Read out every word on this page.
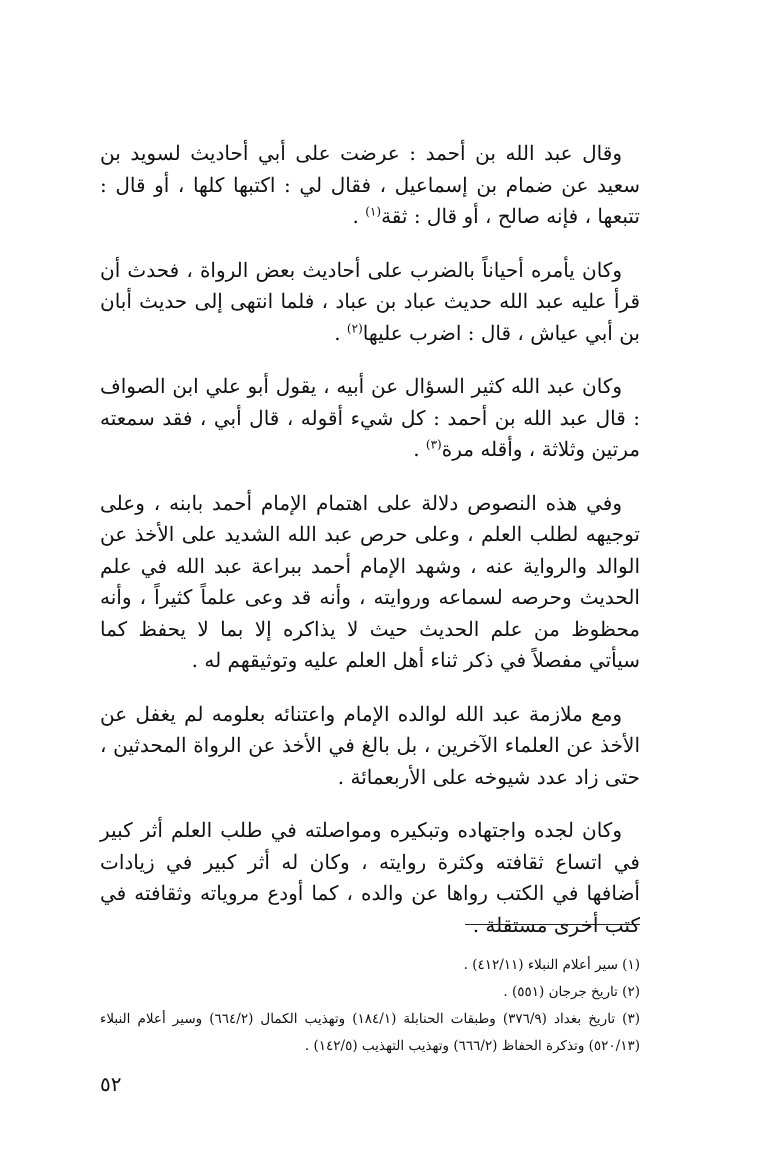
وقال عبد الله بن أحمد : عرضت على أبي أحاديث لسويد بن سعيد عن ضمام بن إسماعيل ، فقال لي : اكتبها كلها ، أو قال : تتبعها ، فإنه صالح ، أو قال : ثقة$^{(١)}$ .

وكان يأمره أحياناً بالضرب على أحاديث بعض الرواة ، فحدث أن قرأ عليه عبد الله حديث عباد بن عباد ، فلما انتهى إلى حديث أبان بن أبي عياش ، قال : اضرب عليها$^{(٢)}$ .

وكان عبد الله كثير السؤال عن أبيه ، يقول أبو علي ابن الصواف : قال عبد الله بن أحمد : كل شيء أقوله ، قال أبي ، فقد سمعته مرتين وثلاثة ، وأقله مرة$^{(٣)}$ .

وفي هذه النصوص دلالة على اهتمام الإمام أحمد بابنه ، وعلى توجيهه لطلب العلم ، وعلى حرص عبد الله الشديد على الأخذ عن الوالد والرواية عنه ، وشهد الإمام أحمد ببراعة عبد الله في علم الحديث وحرصه لسماعه وروايته ، وأنه قد وعى علماً كثيراً ، وأنه محظوظ من علم الحديث حيث لا يذاكره إلا بما لا يحفظ كما سيأتي مفصلاً في ذكر ثناء أهل العلم عليه وتوثيقهم له .

ومع ملازمة عبد الله لوالده الإمام واعتنائه بعلومه لم يغفل عن الأخذ عن العلماء الآخرين ، بل بالغ في الأخذ عن الرواة المحدثين ، حتى زاد عدد شيوخه على الأربعمائة .

وكان لجده واجتهاده وتبكيره ومواصلته في طلب العلم أثر كبير في اتساع ثقافته وكثرة روايته ، وكان له أثر كبير في زيادات أضافها في الكتب رواها عن والده ، كما أودع مروياته وثقافته في كتب أخرى مستقلة .

(١) سير أعلام النبلاء (٤١٢/١١) .

(٢) تاريخ جرجان (٥٥١) .

(٣) تاريخ بغداد (٣٧٦/٩) وطبقات الحنابلة (١٨٤/١) وتهذيب الكمال (٦٦٤/٢) وسير أعلام النبلاء (٥٢٠/١٣) وتذكرة الحفاظ (٦٦٦/٢) وتهذيب التهذيب (١٤٢/٥) .

٥٢
